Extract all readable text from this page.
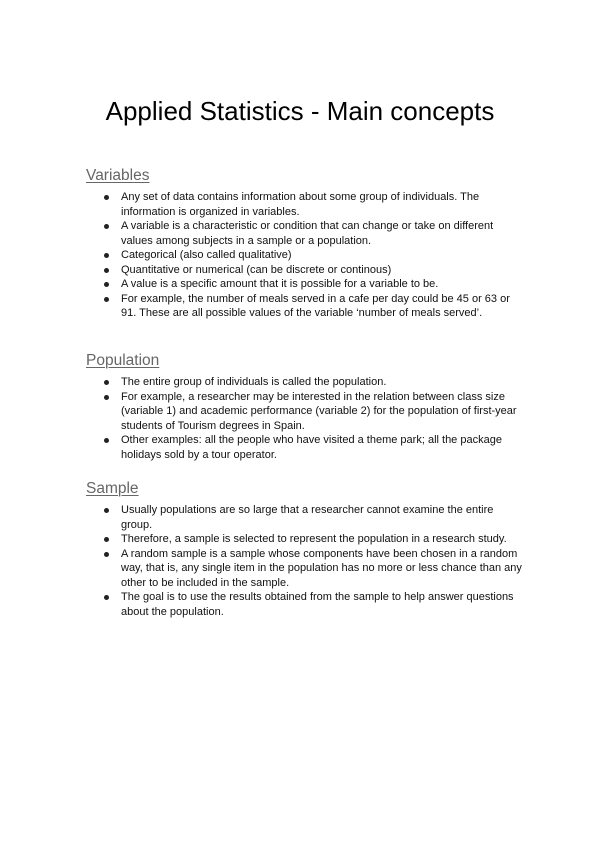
Applied Statistics - Main concepts
Variables
Any set of data contains information about some group of individuals. The information is organized in variables.
A variable is a characteristic or condition that can change or take on different values among subjects in a sample or a population.
Categorical (also called qualitative)
Quantitative or numerical (can be discrete or continous)
A value is a specific amount that it is possible for a variable to be.
For example, the number of meals served in a cafe per day could be 45 or 63 or 91. These are all possible values of the variable ‘number of meals served’.
Population
The entire group of individuals is called the population.
For example, a researcher may be interested in the relation between class size (variable 1) and academic performance (variable 2) for the population of first-year students of Tourism degrees in Spain.
Other examples: all the people who have visited a theme park; all the package holidays sold by a tour operator.
Sample
Usually populations are so large that a researcher cannot examine the entire group.
Therefore, a sample is selected to represent the population in a research study.
A random sample is a sample whose components have been chosen in a random way, that is, any single item in the population has no more or less chance than any other to be included in the sample.
The goal is to use the results obtained from the sample to help answer questions about the population.
